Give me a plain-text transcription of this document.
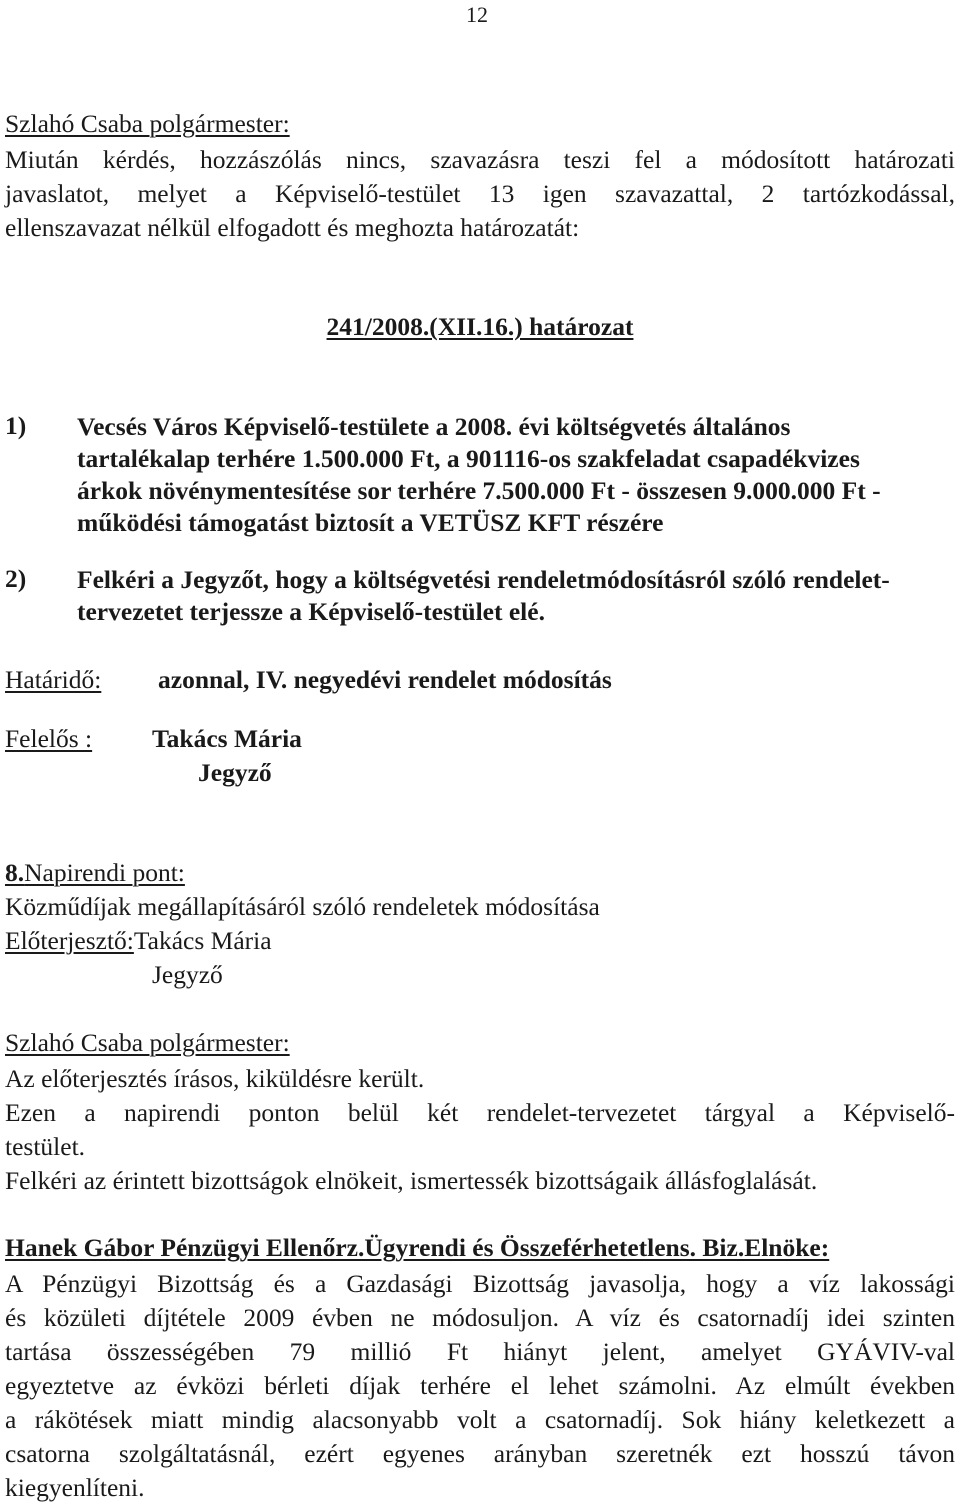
12
Szlahó Csaba polgármester:
Miután kérdés, hozzászólás nincs, szavazásra teszi fel a módosított határozati
javaslatot, melyet a Képviselő-testület 13 igen szavazattal, 2 tartózkodással,
ellenszavazat nélkül elfogadott és meghozta határozatát:
241/2008.(XII.16.) határozat
1) Vecsés Város Képviselő-testülete a 2008. évi költségvetés általános
tartalékalap terhére 1.500.000 Ft, a 901116-os szakfeladat csapadékvizes
árkok növénymentesítése sor terhére 7.500.000 Ft - összesen 9.000.000 Ft -
működési támogatást biztosít a VETÜSZ KFT részére
2) Felkéri a Jegyzőt, hogy a költségvetési rendeletmódosításról szóló rendelet-
tervezetet terjessze a Képviselő-testület elé.
Határidő: azonnal, IV. negyedévi rendelet módosítás
Felelős : Takács Mária
Jegyző
8.Napirendi pont:
Közműdíjak megállapításáról szóló rendeletek módosítása
Előterjesztő:Takács Mária
Jegyző
Szlahó Csaba polgármester:
Az előterjesztés írásos, kiküldésre került.
Ezen a napirendi ponton belül két rendelet-tervezetet tárgyal a Képviselő-
testület.
Felkéri az érintett bizottságok elnökeit, ismertessék bizottságaik állásfoglalását.
Hanek Gábor Pénzügyi Ellenőrz.Ügyrendi és Összeférhetetlens. Biz.Elnöke:
A Pénzügyi Bizottság és a Gazdasági Bizottság javasolja, hogy a víz lakossági
és közületi díjtétele 2009 évben ne módosuljon. A víz és csatornadíj idei szinten
tartása összességében 79 millió Ft hiányt jelent, amelyet GYÁVIV-val
egyeztetve az évközi bérleti díjak terhére el lehet számolni. Az elmúlt években
a rákötések miatt mindig alacsonyabb volt a csatornadíj. Sok hiány keletkezett a
csatorna szolgáltatásnál, ezért egyenes arányban szeretnék ezt hosszú távon
kiegyenlíteni.
